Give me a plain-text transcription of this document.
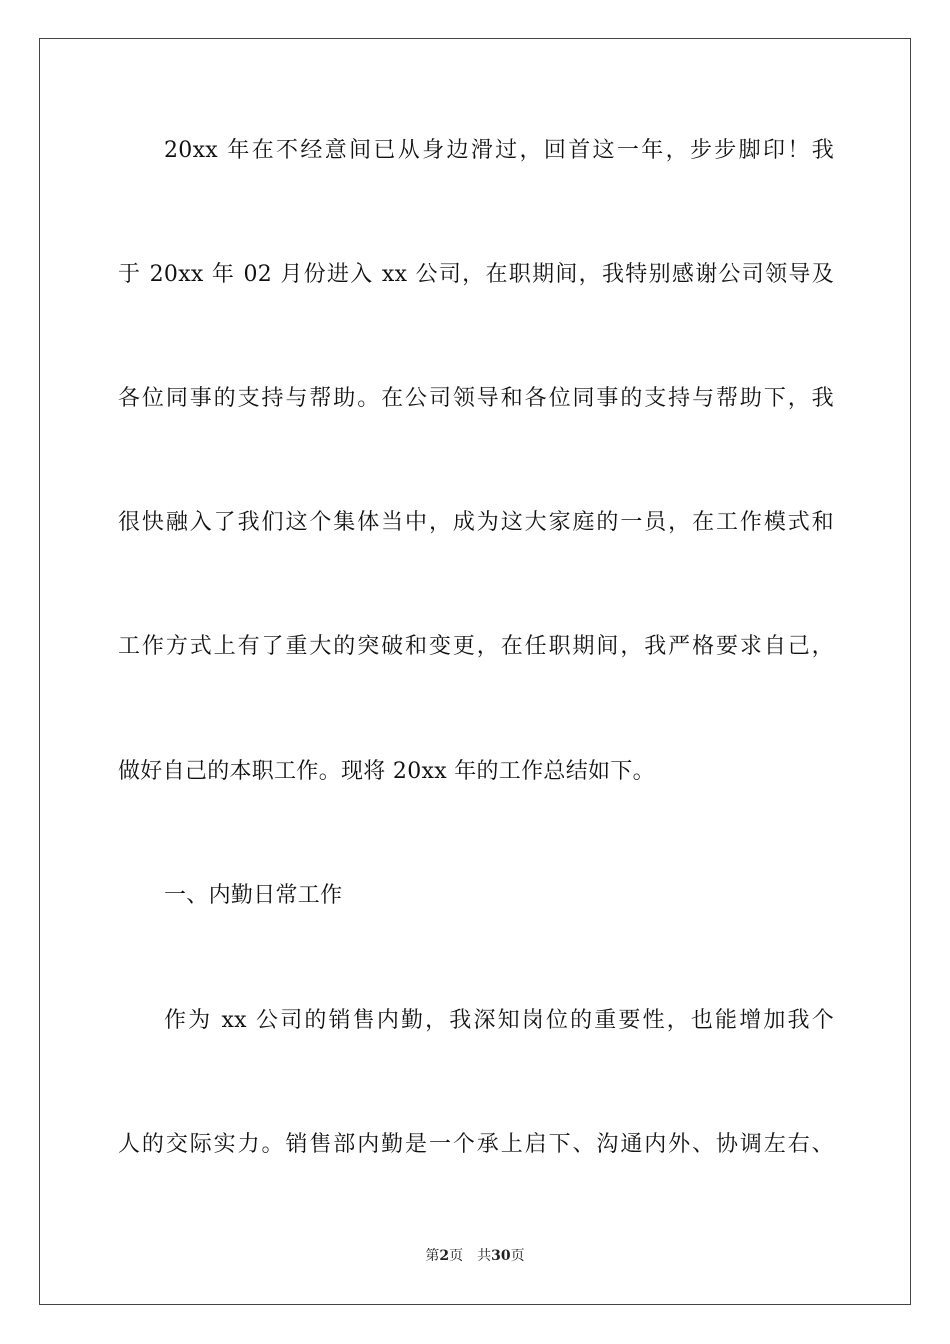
20xx 年在不经意间已从身边滑过，回首这一年，步步脚印！我
于 20xx 年 02 月份进入 xx 公司，在职期间，我特别感谢公司领导及
各位同事的支持与帮助。在公司领导和各位同事的支持与帮助下，我
很快融入了我们这个集体当中，成为这大家庭的一员，在工作模式和
工作方式上有了重大的突破和变更，在任职期间，我严格要求自己，
做好自己的本职工作。现将 20xx 年的工作总结如下。
一、内勤日常工作
作为 xx 公司的销售内勤，我深知岗位的重要性，也能增加我个
人的交际实力。销售部内勤是一个承上启下、沟通内外、协调左右、
第2页 共30页
